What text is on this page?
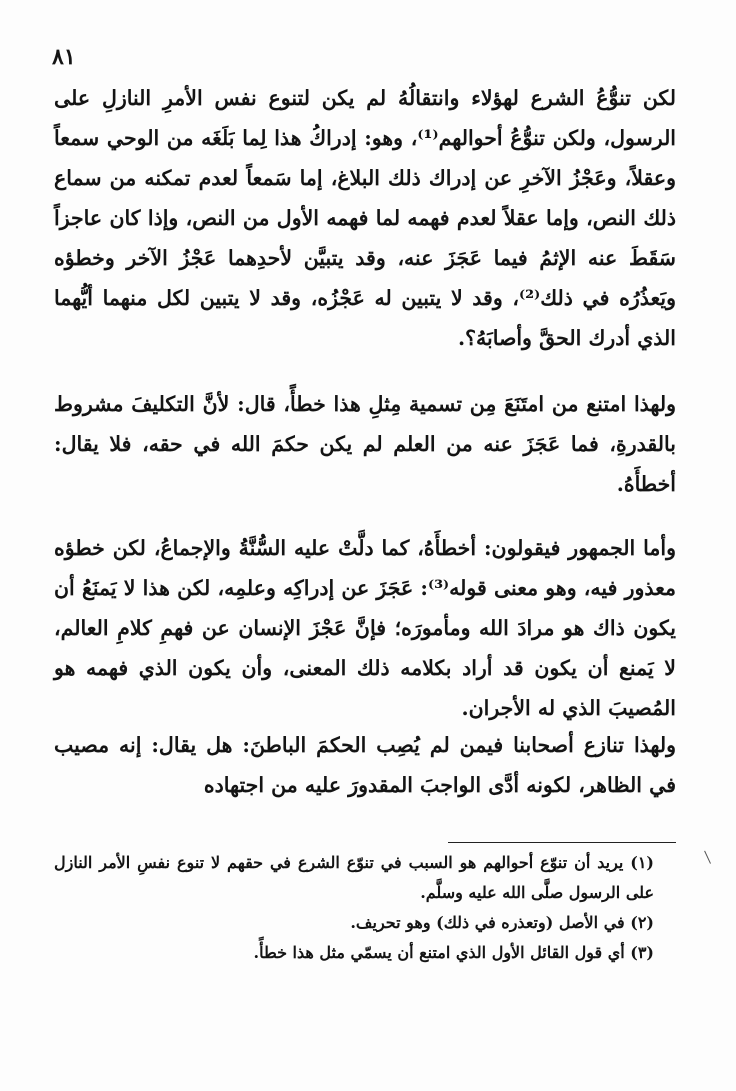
٨١

لكن تنوُّعُ الشرع لهؤلاء وانتقالُهُ لم يكن لتنوع نفس الأمرِ النازلِ على الرسول، ولكن تنوُّعُ أحوالهم⁽¹⁾، وهو: إدراكُ هذا لِما بَلَغَه من الوحي سمعاً وعقلاً، وعَجْزُ الآخرِ عن إدراك ذلك البلاغ، إما سَمعاً لعدم تمكنه من سماع ذلك النص، وإما عقلاً لعدم فهمه لما فهمه الأول من النص، وإذا كان عاجزاً سَقَطَ عنه الإثمُ فيما عَجَزَ عنه، وقد يتبيَّن لأحدِهما عَجْزُ الآخر وخطؤه ويَعذُرُه في ذلك⁽²⁾، وقد لا يتبين له عَجْزُه، وقد لا يتبين لكل منهما أيُّهما الذي أدرك الحقَّ وأصابَهُ؟.

ولهذا امتنع من امتَنَعَ مِن تسمية مِثلِ هذا خطأً، قال: لأنَّ التكليفَ مشروط بالقدرةِ، فما عَجَزَ عنه من العلم لم يكن حكمَ الله في حقه، فلا يقال: أخطأَهُ.

وأما الجمهور فيقولون: أخطأَهُ، كما دلَّتْ عليه السُّنَّةُ والإجماعُ، لكن خطؤه معذور فيه، وهو معنى قوله⁽³⁾: عَجَزَ عن إدراكِه وعلمِه، لكن هذا لا يَمنَعُ أن يكون ذاك هو مرادَ الله ومأمورَه؛ فإنَّ عَجْزَ الإنسان عن فهمِ كلامِ العالم، لا يَمنع أن يكون قد أراد بكلامه ذلك المعنى، وأن يكون الذي فهمه هو المُصيبَ الذي له الأجران.

ولهذا تنازع أصحابنا فيمن لم يُصِب الحكمَ الباطنَ: هل يقال: إنه مصيب في الظاهر، لكونه أدَّى الواجبَ المقدورَ عليه من اجتهاده

(١) يريد أن تنوّع أحوالهم هو السبب في تنوّع الشرع في حقهم لا تنوع نفسِ الأمر النازل على الرسول صلَّى الله عليه وسلَّم.

(٢) في الأصل (وتعذره في ذلك) وهو تحريف.

(٣) أي قول القائل الأول الذي امتنع أن يسمّي مثل هذا خطأً.
